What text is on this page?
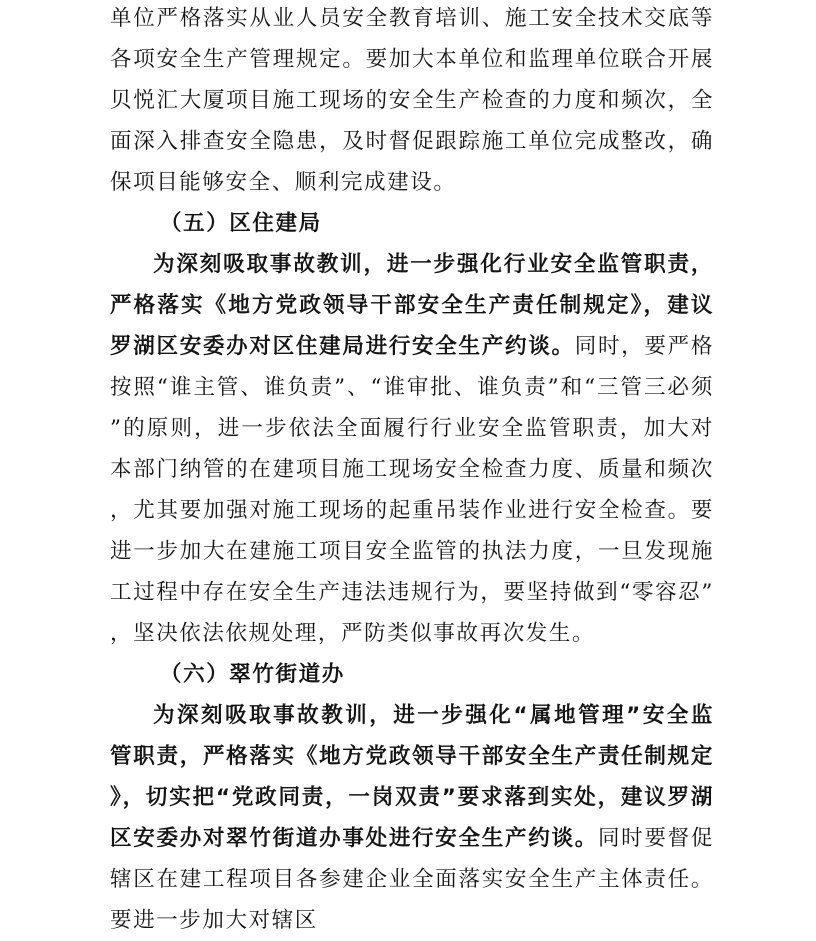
单位严格落实从业人员安全教育培训、施工安全技术交底等各项安全生产管理规定。要加大本单位和监理单位联合开展贝悦汇大厦项目施工现场的安全生产检查的力度和频次，全面深入排查安全隐患，及时督促跟踪施工单位完成整改，确保项目能够安全、顺利完成建设。

（五）区住建局

为深刻吸取事故教训，进一步强化行业安全监管职责，严格落实《地方党政领导干部安全生产责任制规定》，建议罗湖区安委办对区住建局进行安全生产约谈。同时，要严格按照“谁主管、谁负责”、“谁审批、谁负责”和“三管三必须”的原则，进一步依法全面履行行业安全监管职责，加大对本部门纳管的在建项目施工现场安全检查力度、质量和频次，尤其要加强对施工现场的起重吊装作业进行安全检查。要进一步加大在建施工项目安全监管的执法力度，一旦发现施工过程中存在安全生产违法违规行为，要坚持做到“零容忍”，坚决依法依规处理，严防类似事故再次发生。

（六）翠竹街道办

为深刻吸取事故教训，进一步强化“属地管理”安全监管职责，严格落实《地方党政领导干部安全生产责任制规定》，切实把“党政同责，一岗双责”要求落到实处，建议罗湖区安委办对翠竹街道办事处进行安全生产约谈。同时要督促辖区在建工程项目各参建企业全面落实安全生产主体责任。要进一步加大对辖区
